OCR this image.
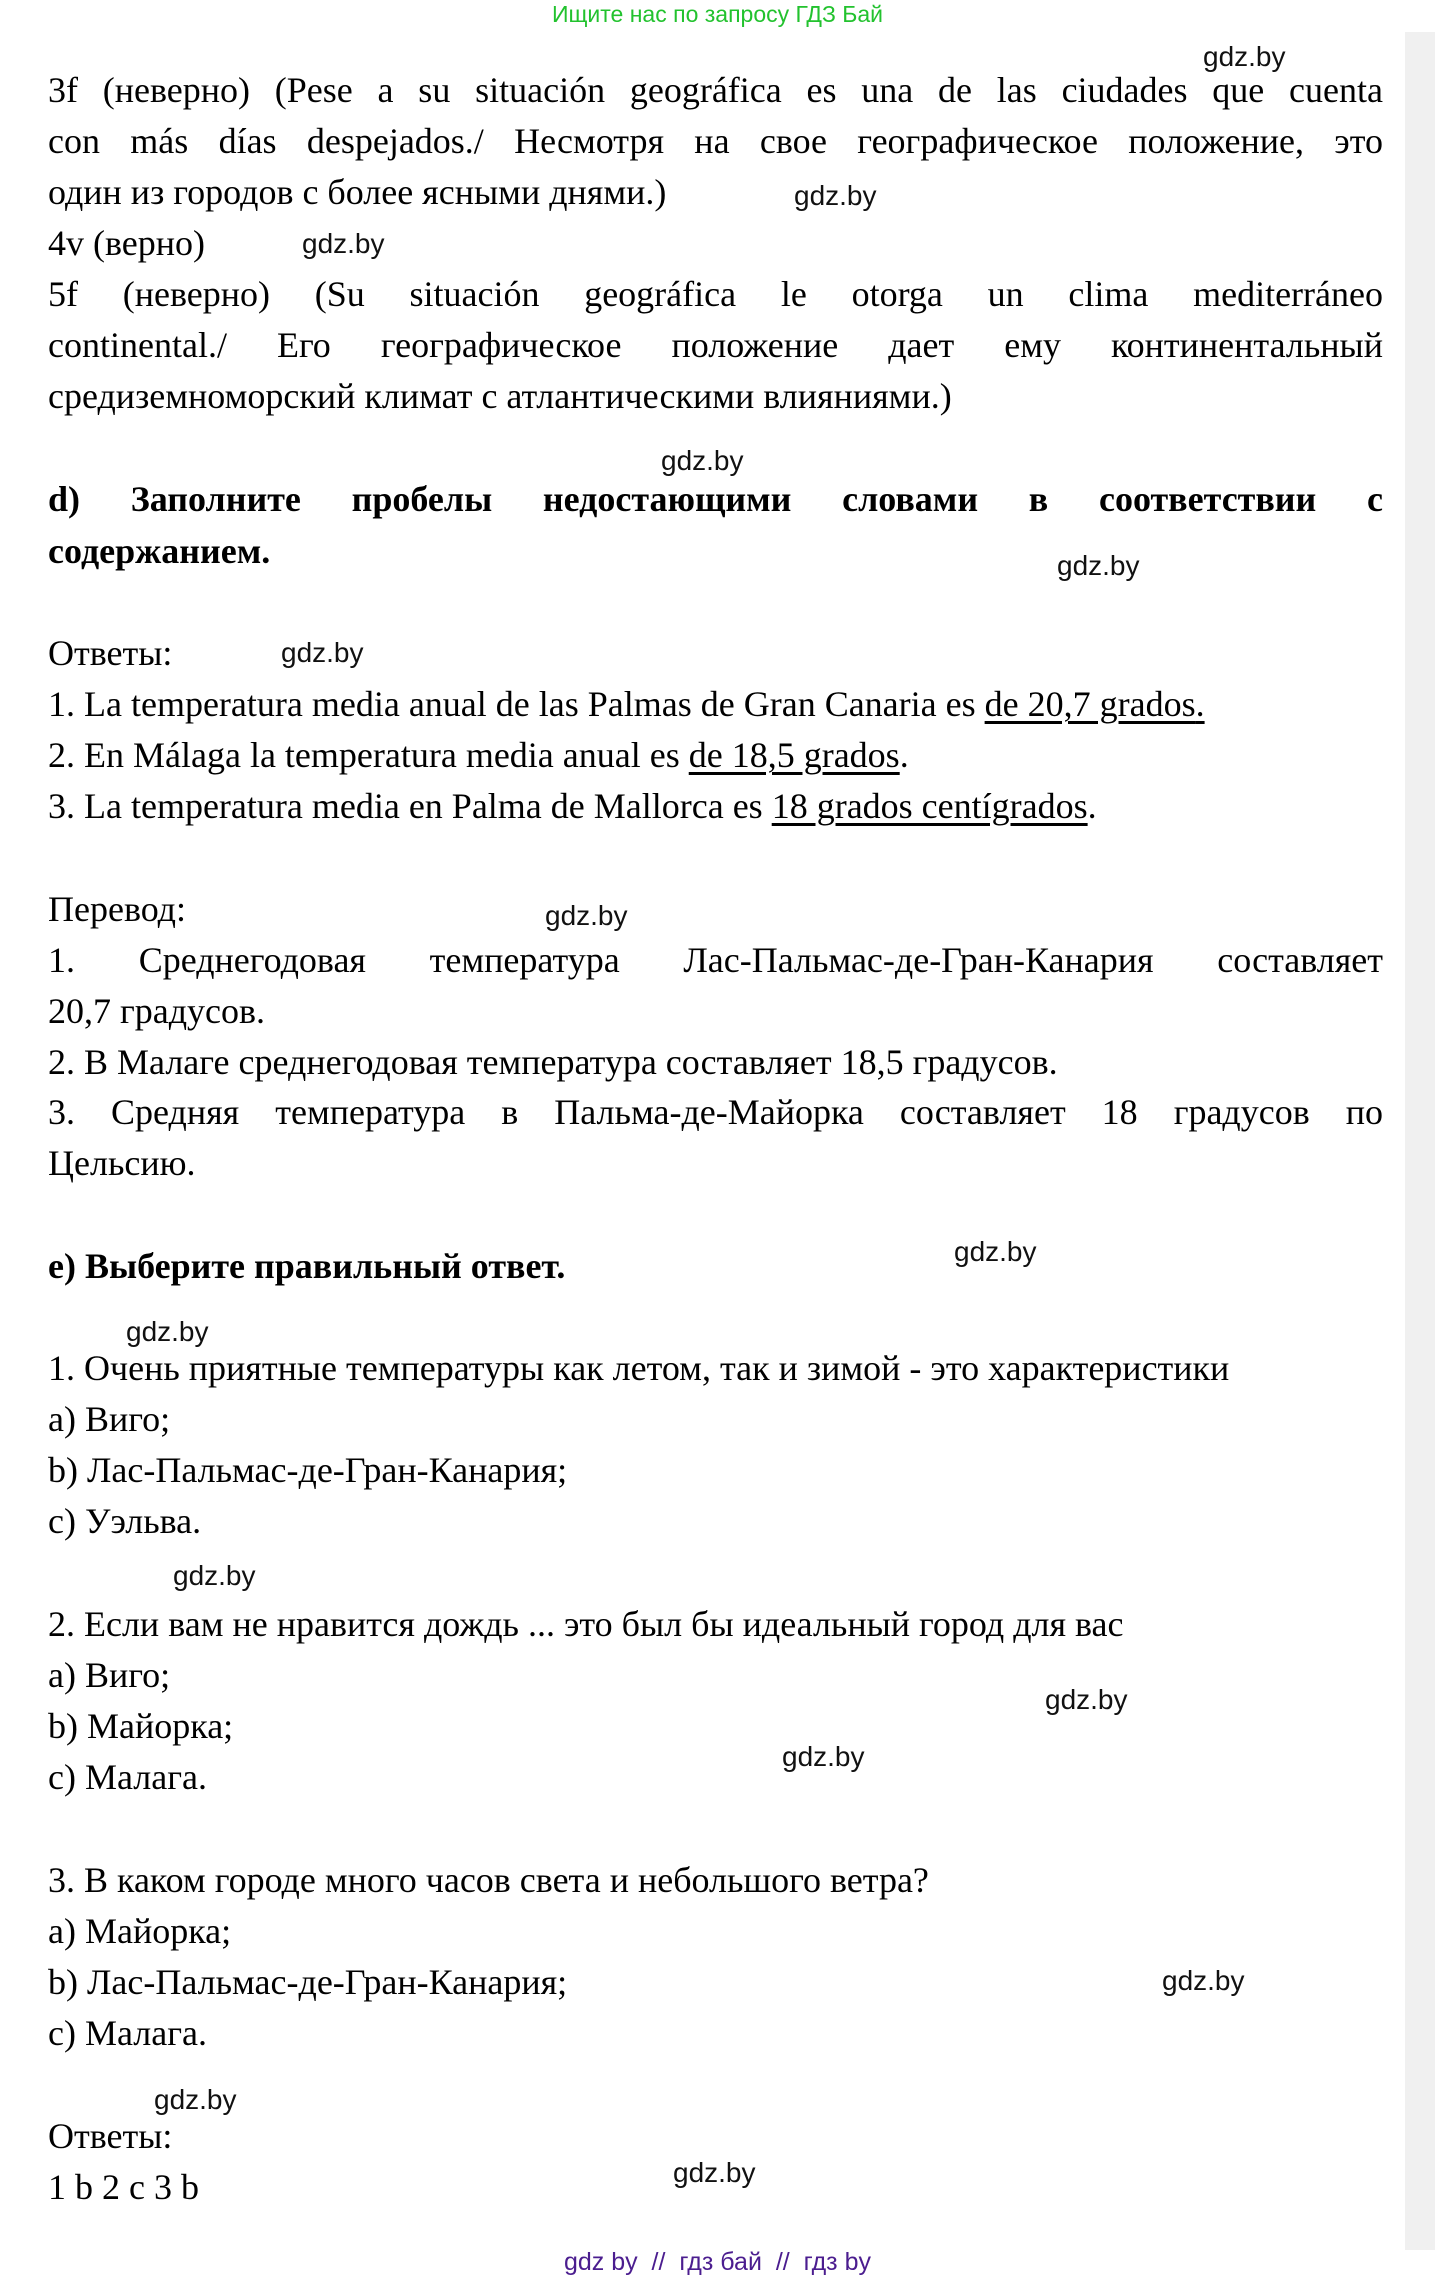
Ищите нас по запросу ГДЗ Бай
3f (неверно) (Pese a su situación geográfica es una de las ciudades que cuenta
con más días despejados./ Несмотря на свое географическое положение, это
один из городов с более ясными днями.)
4v (верно)
5f (неверно) (Su situación geográfica le otorga un clima mediterráneo
continental./ Его географическое положение дает ему континентальный
средиземноморский климат с атлантическими влияниями.)
d) Заполните пробелы недостающими словами в соответствии с
содержанием.
Ответы:
1. La temperatura media anual de las Palmas de Gran Canaria es de 20,7 grados.
2. En Málaga la temperatura media anual es de 18,5 grados.
3. La temperatura media en Palma de Mallorca es 18 grados centígrados.
Перевод:
1. Среднегодовая температура Лас-Пальмас-де-Гран-Канария составляет
20,7 градусов.
2. В Малаге среднегодовая температура составляет 18,5 градусов.
3. Средняя температура в Пальма-де-Майорка составляет 18 градусов по
Цельсию.
e) Выберите правильный ответ.
1. Очень приятные температуры как летом, так и зимой - это характеристики
a) Виго;
b) Лас-Пальмас-де-Гран-Канария;
c) Уэльва.
2. Если вам не нравится дождь ... это был бы идеальный город для вас
a) Виго;
b) Майорка;
c) Малага.
3. В каком городе много часов света и небольшого ветра?
a) Майорка;
b) Лас-Пальмас-де-Гран-Канария;
c) Малага.
Ответы:
1 b 2 c 3 b
gdz.by
gdz.by
gdz.by
gdz.by
gdz.by
gdz.by
gdz.by
gdz.by
gdz.by
gdz.by
gdz.by
gdz.by
gdz.by
gdz.by
gdz.by
gdz by  //  гдз бай  //  гдз by
